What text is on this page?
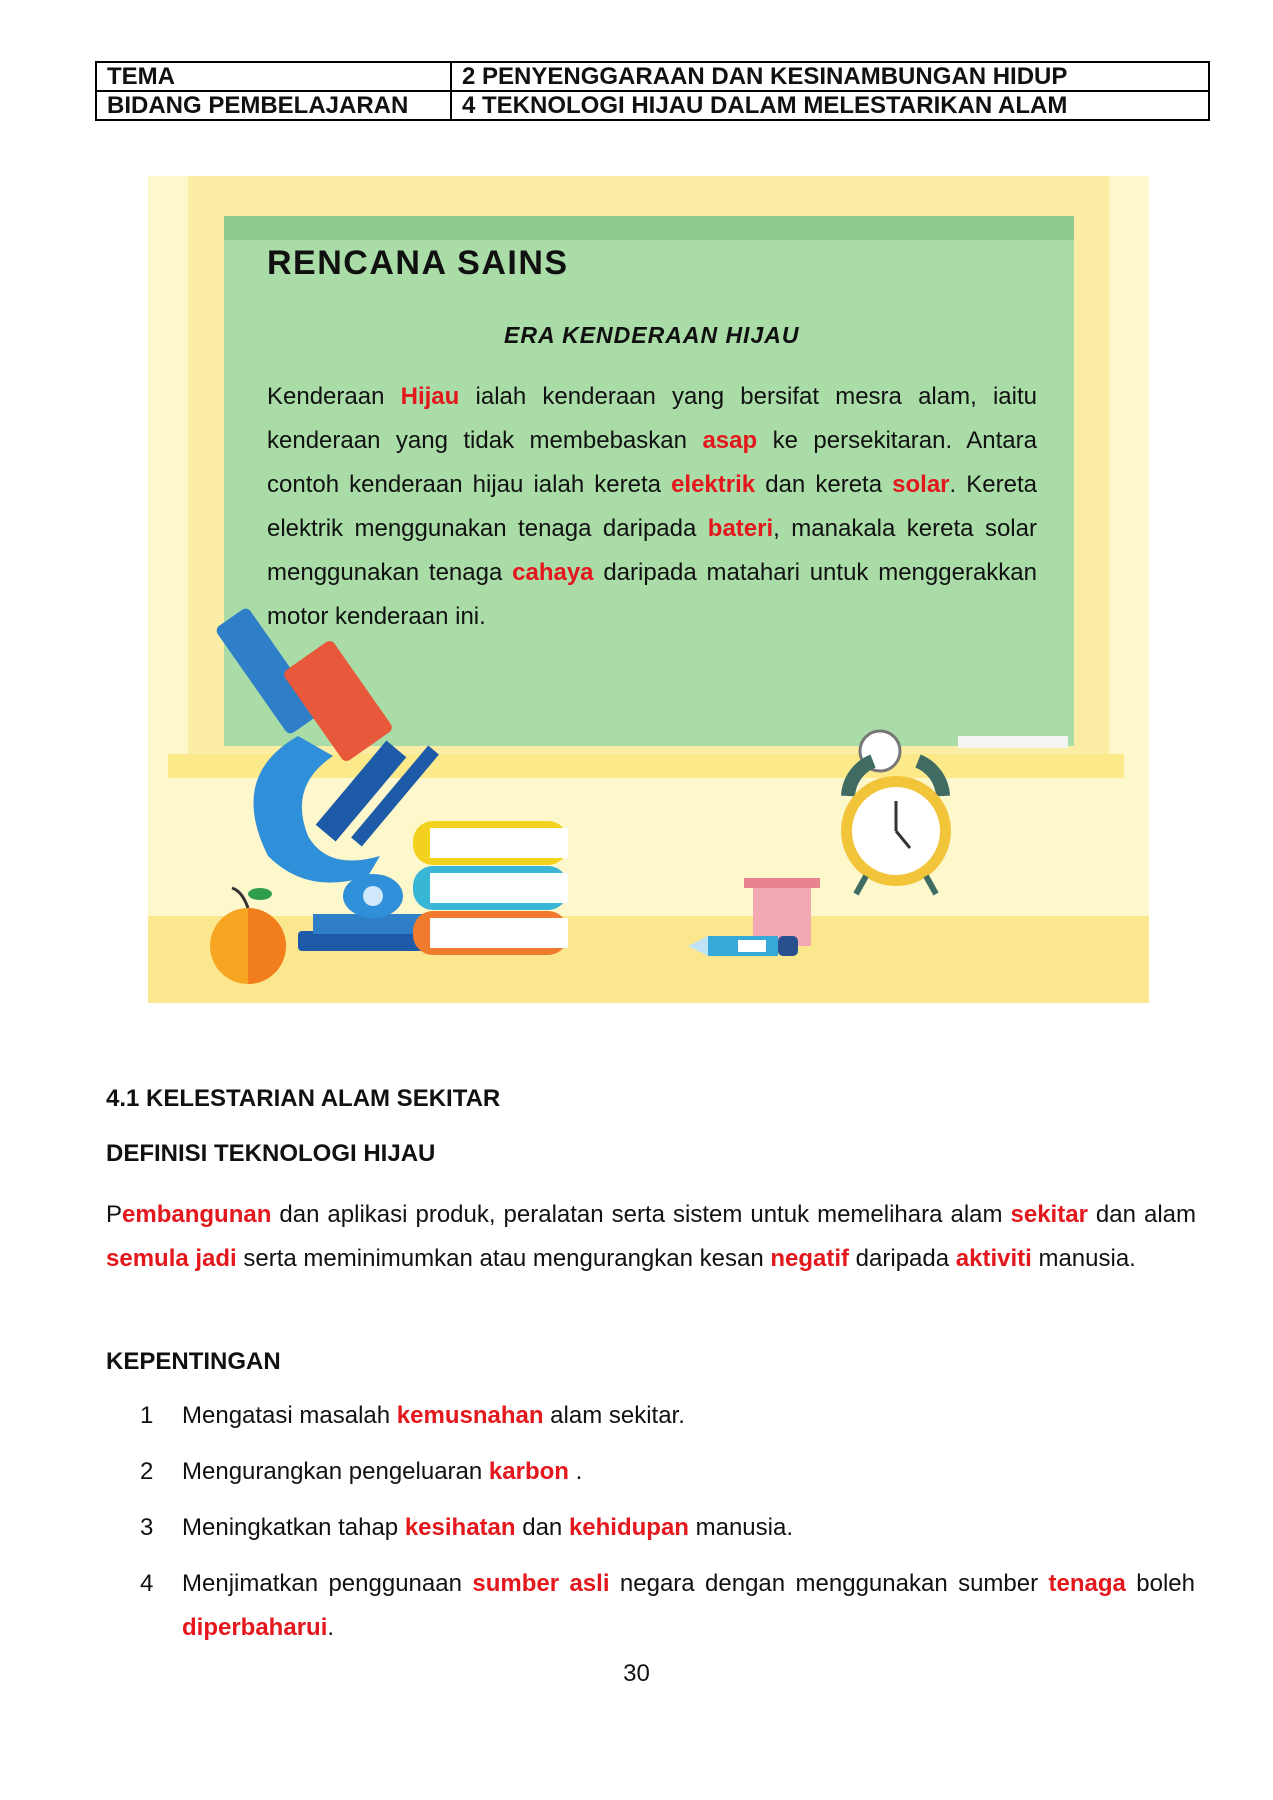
TEMA	2 PENYENGGARAAN DAN KESINAMBUNGAN HIDUP
BIDANG PEMBELAJARAN	4 TEKNOLOGI HIJAU DALAM MELESTARIKAN ALAM
RENCANA SAINS
ERA KENDERAAN HIJAU
Kenderaan Hijau ialah kenderaan yang bersifat mesra alam, iaitu kenderaan yang tidak membebaskan asap ke persekitaran. Antara contoh kenderaan hijau ialah kereta elektrik dan kereta solar. Kereta elektrik menggunakan tenaga daripada bateri, manakala kereta solar menggunakan tenaga cahaya daripada matahari untuk menggerakkan motor kenderaan ini.
4.1 KELESTARIAN ALAM SEKITAR
DEFINISI TEKNOLOGI HIJAU
Pembangunan dan aplikasi produk, peralatan serta sistem untuk memelihara alam sekitar dan alam semula jadi serta meminimumkan atau mengurangkan kesan negatif daripada aktiviti manusia.
KEPENTINGAN
1	Mengatasi masalah kemusnahan alam sekitar.
2	Mengurangkan pengeluaran karbon .
3	Meningkatkan tahap kesihatan dan kehidupan manusia.
4	Menjimatkan penggunaan sumber asli negara dengan menggunakan sumber tenaga boleh diperbaharui.
30
